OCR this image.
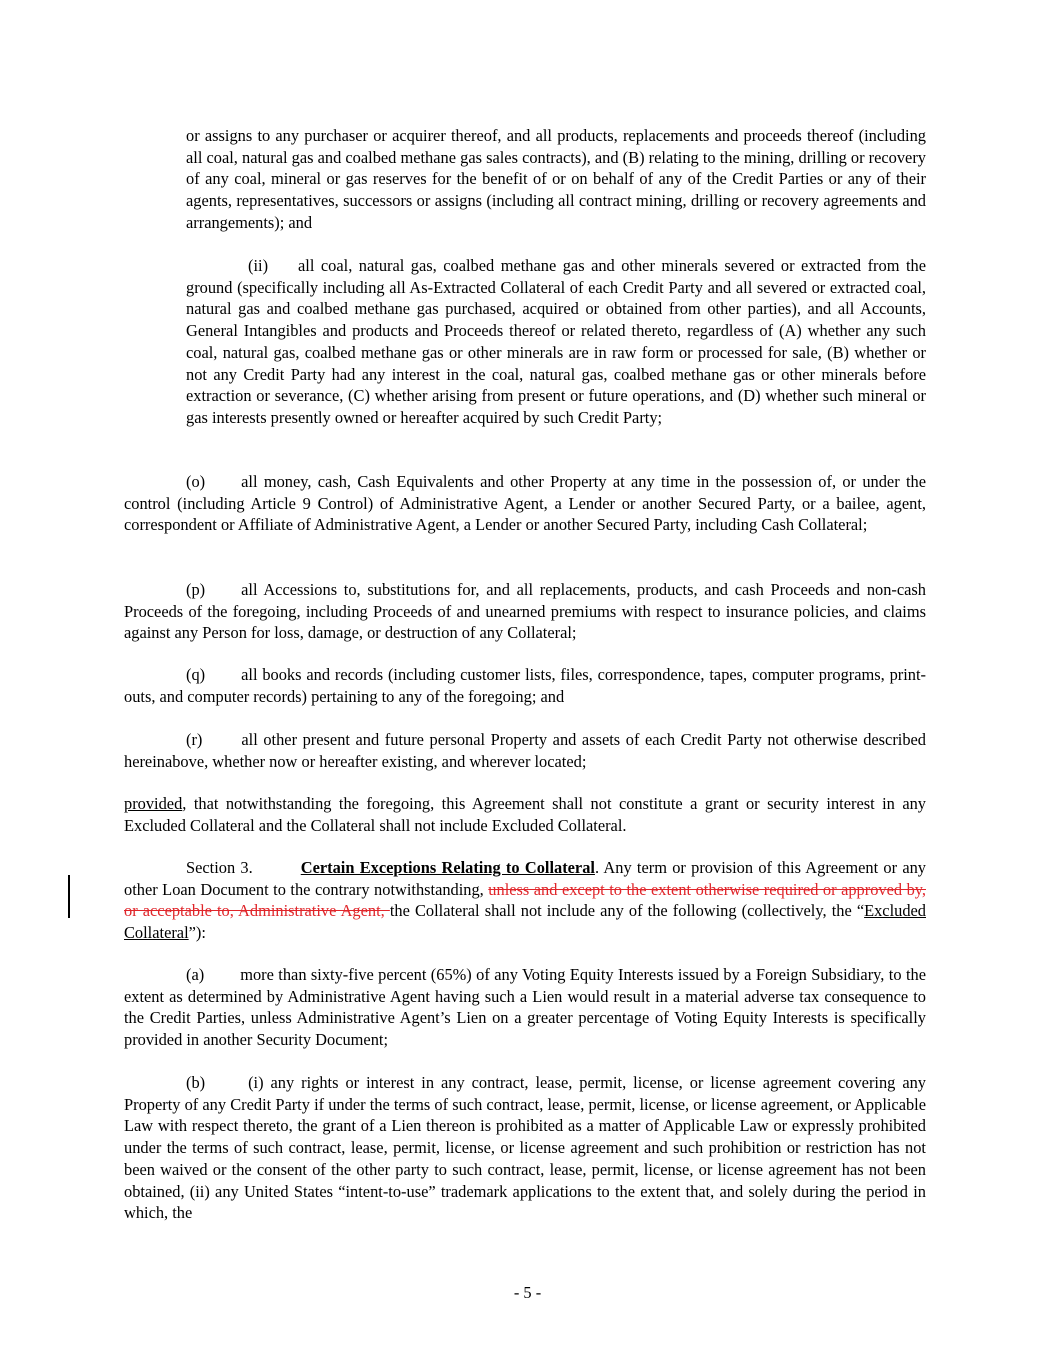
or assigns to any purchaser or acquirer thereof, and all products, replacements and proceeds thereof (including all coal, natural gas and coalbed methane gas sales contracts), and (B) relating to the mining, drilling or recovery of any coal, mineral or gas reserves for the benefit of or on behalf of any of the Credit Parties or any of their agents, representatives, successors or assigns (including all contract mining, drilling or recovery agreements and arrangements); and

(ii) all coal, natural gas, coalbed methane gas and other minerals severed or extracted from the ground (specifically including all As-Extracted Collateral of each Credit Party and all severed or extracted coal, natural gas and coalbed methane gas purchased, acquired or obtained from other parties), and all Accounts, General Intangibles and products and Proceeds thereof or related thereto, regardless of (A) whether any such coal, natural gas, coalbed methane gas or other minerals are in raw form or processed for sale, (B) whether or not any Credit Party had any interest in the coal, natural gas, coalbed methane gas or other minerals before extraction or severance, (C) whether arising from present or future operations, and (D) whether such mineral or gas interests presently owned or hereafter acquired by such Credit Party;

(o) all money, cash, Cash Equivalents and other Property at any time in the possession of, or under the control (including Article 9 Control) of Administrative Agent, a Lender or another Secured Party, or a bailee, agent, correspondent or Affiliate of Administrative Agent, a Lender or another Secured Party, including Cash Collateral;

(p) all Accessions to, substitutions for, and all replacements, products, and cash Proceeds and non-cash Proceeds of the foregoing, including Proceeds of and unearned premiums with respect to insurance policies, and claims against any Person for loss, damage, or destruction of any Collateral;

(q) all books and records (including customer lists, files, correspondence, tapes, computer programs, print-outs, and computer records) pertaining to any of the foregoing; and

(r) all other present and future personal Property and assets of each Credit Party not otherwise described hereinabove, whether now or hereafter existing, and wherever located;

provided, that notwithstanding the foregoing, this Agreement shall not constitute a grant or security interest in any Excluded Collateral and the Collateral shall not include Excluded Collateral.

Section 3.	Certain Exceptions Relating to Collateral. Any term or provision of this Agreement or any other Loan Document to the contrary notwithstanding, unless and except to the extent otherwise required or approved by, or acceptable to, Administrative Agent, the Collateral shall not include any of the following (collectively, the “Excluded Collateral”):

(a) more than sixty-five percent (65%) of any Voting Equity Interests issued by a Foreign Subsidiary, to the extent as determined by Administrative Agent having such a Lien would result in a material adverse tax consequence to the Credit Parties, unless Administrative Agent’s Lien on a greater percentage of Voting Equity Interests is specifically provided in another Security Document;

(b) (i) any rights or interest in any contract, lease, permit, license, or license agreement covering any Property of any Credit Party if under the terms of such contract, lease, permit, license, or license agreement, or Applicable Law with respect thereto, the grant of a Lien thereon is prohibited as a matter of Applicable Law or expressly prohibited under the terms of such contract, lease, permit, license, or license agreement and such prohibition or restriction has not been waived or the consent of the other party to such contract, lease, permit, license, or license agreement has not been obtained, (ii) any United States “intent-to-use” trademark applications to the extent that, and solely during the period in which, the

- 5 -
